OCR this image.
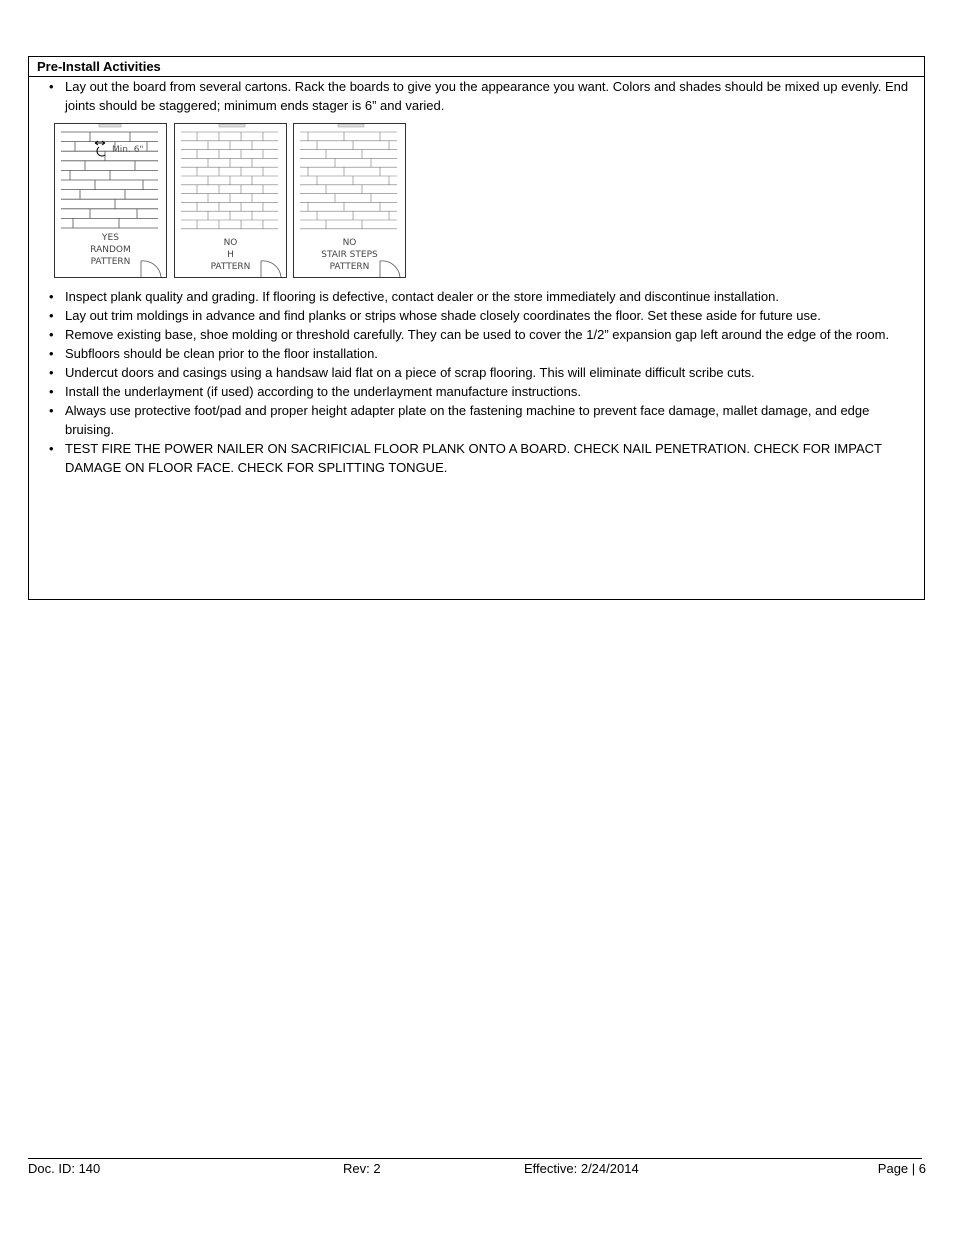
Pre-Install Activities
• Lay out the board from several cartons. Rack the boards to give you the appearance you want. Colors and shades should be mixed up evenly. End joints should be staggered; minimum ends stager is 6” and varied.
Min. 6"
YES
RANDOM
PATTERN
NO
H
PATTERN
NO
STAIR STEPS
PATTERN
• Inspect plank quality and grading. If flooring is defective, contact dealer or the store immediately and discontinue installation.
• Lay out trim moldings in advance and find planks or strips whose shade closely coordinates the floor. Set these aside for future use.
• Remove existing base, shoe molding or threshold carefully. They can be used to cover the 1/2” expansion gap left around the edge of the room.
• Subfloors should be clean prior to the floor installation.
• Undercut doors and casings using a handsaw laid flat on a piece of scrap flooring. This will eliminate difficult scribe cuts.
• Install the underlayment (if used) according to the underlayment manufacture instructions.
• Always use protective foot/pad and proper height adapter plate on the fastening machine to prevent face damage, mallet damage, and edge bruising.
• TEST FIRE THE POWER NAILER ON SACRIFICIAL FLOOR PLANK ONTO A BOARD. CHECK NAIL PENETRATION. CHECK FOR IMPACT DAMAGE ON FLOOR FACE. CHECK FOR SPLITTING TONGUE.
Doc. ID: 140	Rev: 2	Effective: 2/24/2014	Page | 6
